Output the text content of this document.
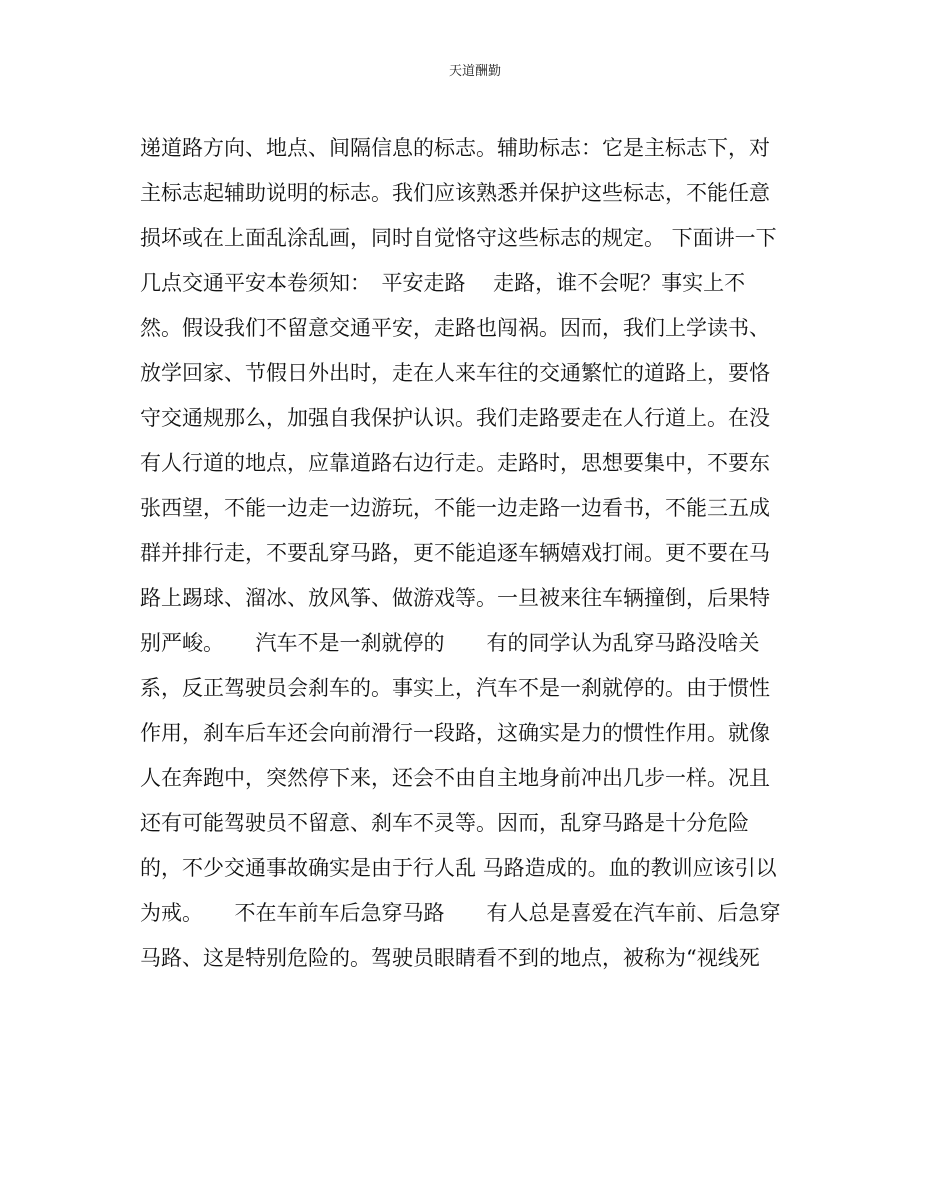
天道酬勤
递道路方向、地点、间隔信息的标志。辅助标志：它是主标志下，对
主标志起辅助说明的标志。我们应该熟悉并保护这些标志，不能任意
损坏或在上面乱涂乱画，同时自觉恪守这些标志的规定。 下面讲一下
几点交通平安本卷须知：　平安走路　 走路，谁不会呢？事实上不
然。假设我们不留意交通平安，走路也闯祸。因而，我们上学读书、
放学回家、节假日外出时，走在人来车往的交通繁忙的道路上，要恪
守交通规那么，加强自我保护认识。我们走路要走在人行道上。在没
有人行道的地点，应靠道路右边行走。走路时，思想要集中，不要东
张西望，不能一边走一边游玩，不能一边走路一边看书，不能三五成
群并排行走，不要乱穿马路，更不能追逐车辆嬉戏打闹。更不要在马
路上踢球、溜冰、放风筝、做游戏等。一旦被来往车辆撞倒，后果特
别严峻。　　汽车不是一刹就停的　　有的同学认为乱穿马路没啥关
系，反正驾驶员会刹车的。事实上，汽车不是一刹就停的。由于惯性
作用，刹车后车还会向前滑行一段路，这确实是力的惯性作用。就像
人在奔跑中，突然停下来，还会不由自主地身前冲出几步一样。况且
还有可能驾驶员不留意、刹车不灵等。因而，乱穿马路是十分危险
的，不少交通事故确实是由于行人乱 马路造成的。血的教训应该引以
为戒。　　不在车前车后急穿马路　　有人总是喜爱在汽车前、后急穿
马路、这是特别危险的。驾驶员眼睛看不到的地点，被称为“视线死
